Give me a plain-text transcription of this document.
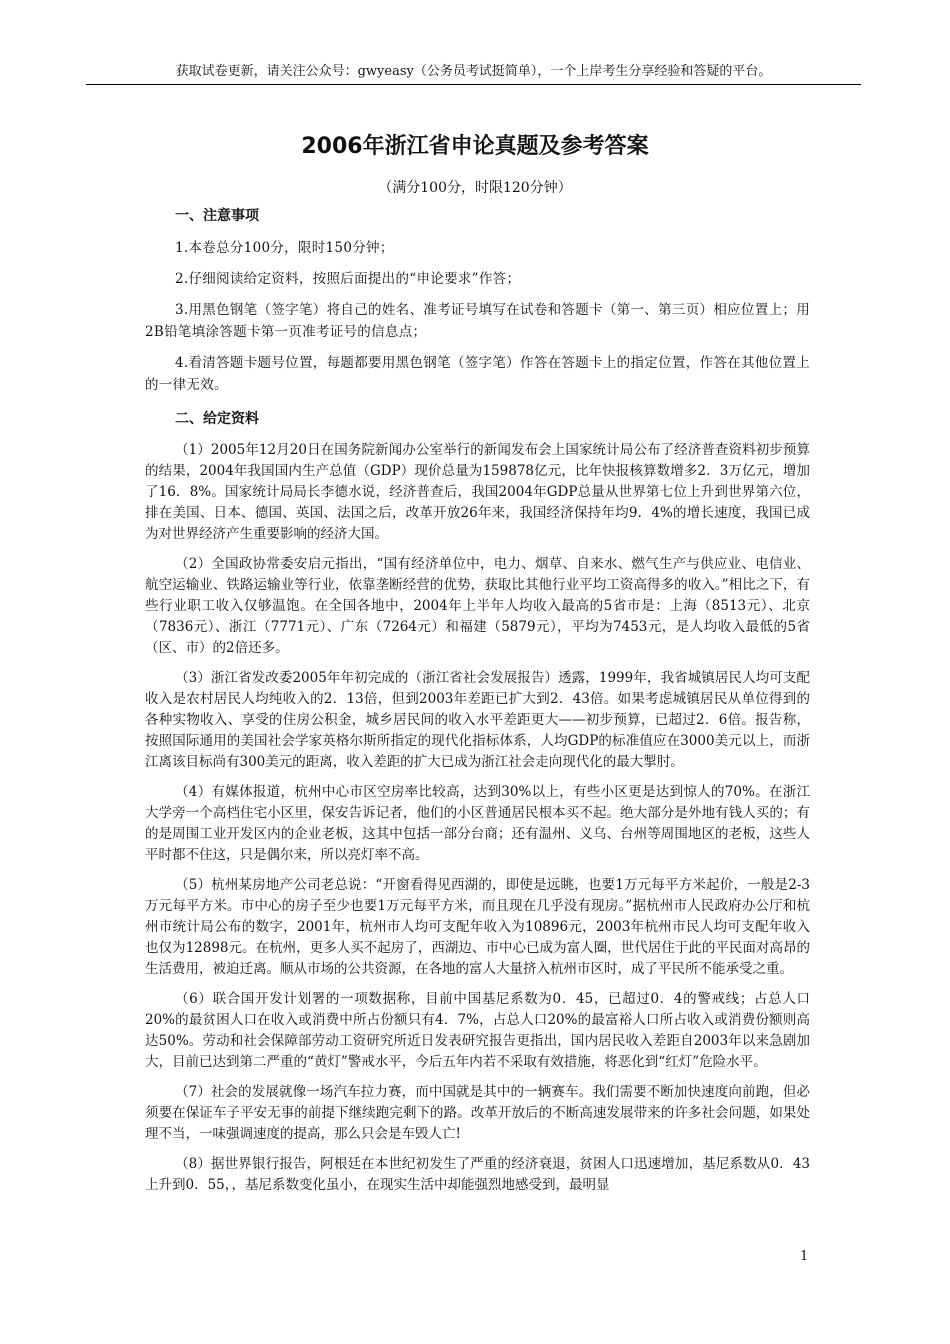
获取试卷更新，请关注公众号：gwyeasy（公务员考试挺简单），一个上岸考生分享经验和答疑的平台。
2006年浙江省申论真题及参考答案
（满分100分，时限120分钟）
一、注意事项

1.本卷总分100分，限时150分钟；

2.仔细阅读给定资料，按照后面提出的“申论要求”作答；

3.用黑色钢笔（签字笔）将自己的姓名、准考证号填写在试卷和答题卡（第一、第三页）相应位置上；用2B铅笔填涂答题卡第一页准考证号的信息点；

4.看清答题卡题号位置，每题都要用黑色钢笔（签字笔）作答在答题卡上的指定位置，作答在其他位置上的一律无效。

二、给定资料

（1）2005年12月20日在国务院新闻办公室举行的新闻发布会上国家统计局公布了经济普查资料初步预算的结果，2004年我国国内生产总值（GDP）现价总量为159878亿元，比年快报核算数增多2．3万亿元，增加了16．8%。国家统计局局长李德水说，经济普查后，我国2004年GDP总量从世界第七位上升到世界第六位，排在美国、日本、德国、英国、法国之后，改革开放26年来，我国经济保持年均9．4%的增长速度，我国已成为对世界经济产生重要影响的经济大国。

（2）全国政协常委安启元指出，“国有经济单位中，电力、烟草、自来水、燃气生产与供应业、电信业、航空运输业、铁路运输业等行业，依靠垄断经营的优势，获取比其他行业平均工资高得多的收入。”相比之下，有些行业职工收入仅够温饱。在全国各地中，2004年上半年人均收入最高的5省市是：上海（8513元）、北京（7836元）、浙江（7771元）、广东（7264元）和福建（5879元），平均为7453元，是人均收入最低的5省（区、市）的2倍还多。

（3）浙江省发改委2005年年初完成的（浙江省社会发展报告）透露，1999年，我省城镇居民人均可支配收入是农村居民人均纯收入的2．13倍，但到2003年差距已扩大到2．43倍。如果考虑城镇居民从单位得到的各种实物收入、享受的住房公积金，城乡居民间的收入水平差距更大——初步预算，已超过2．6倍。报告称，按照国际通用的美国社会学家英格尔斯所指定的现代化指标体系，人均GDP的标准值应在3000美元以上，而浙江离该目标尚有300美元的距离，收入差距的扩大已成为浙江社会走向现代化的最大掣肘。

（4）有媒体报道，杭州中心市区空房率比较高，达到30%以上，有些小区更是达到惊人的70%。在浙江大学旁一个高档住宅小区里，保安告诉记者，他们的小区普通居民根本买不起。绝大部分是外地有钱人买的；有的是周围工业开发区内的企业老板，这其中包括一部分台商；还有温州、义乌、台州等周围地区的老板，这些人平时都不住这，只是偶尔来，所以亮灯率不高。

（5）杭州某房地产公司老总说：“开窗看得见西湖的，即使是远眺，也要1万元每平方米起价，一般是2-3万元每平方米。市中心的房子至少也要1万元每平方米，而且现在几乎没有现房。”据杭州市人民政府办公厅和杭州市统计局公布的数字，2001年，杭州市人均可支配年收入为10896元，2003年杭州市民人均可支配年收入也仅为12898元。在杭州，更多人买不起房了，西湖边、市中心已成为富人圈，世代居住于此的平民面对高昂的生活费用，被迫迁离。顺从市场的公共资源，在各地的富人大量挤入杭州市区时，成了平民所不能承受之重。

（6）联合国开发计划署的一项数据称，目前中国基尼系数为0．45，已超过0．4的警戒线；占总人口20%的最贫困人口在收入或消费中所占份额只有4．7%，占总人口20%的最富裕人口所占收入或消费份额则高达50%。劳动和社会保障部劳动工资研究所近日发表研究报告更指出，国内居民收入差距自2003年以来急剧加大，目前已达到第二严重的“黄灯”警戒水平，今后五年内若不采取有效措施，将恶化到“红灯”危险水平。

（7）社会的发展就像一场汽车拉力赛，而中国就是其中的一辆赛车。我们需要不断加快速度向前跑，但必须要在保证车子平安无事的前提下继续跑完剩下的路。改革开放后的不断高速发展带来的许多社会问题，如果处理不当，一味强调速度的提高，那么只会是车毁人亡!

（8）据世界银行报告，阿根廷在本世纪初发生了严重的经济衰退，贫困人口迅速增加，基尼系数从0．43上升到0．55，，基尼系数变化虽小，在现实生活中却能强烈地感受到，最明显

1
